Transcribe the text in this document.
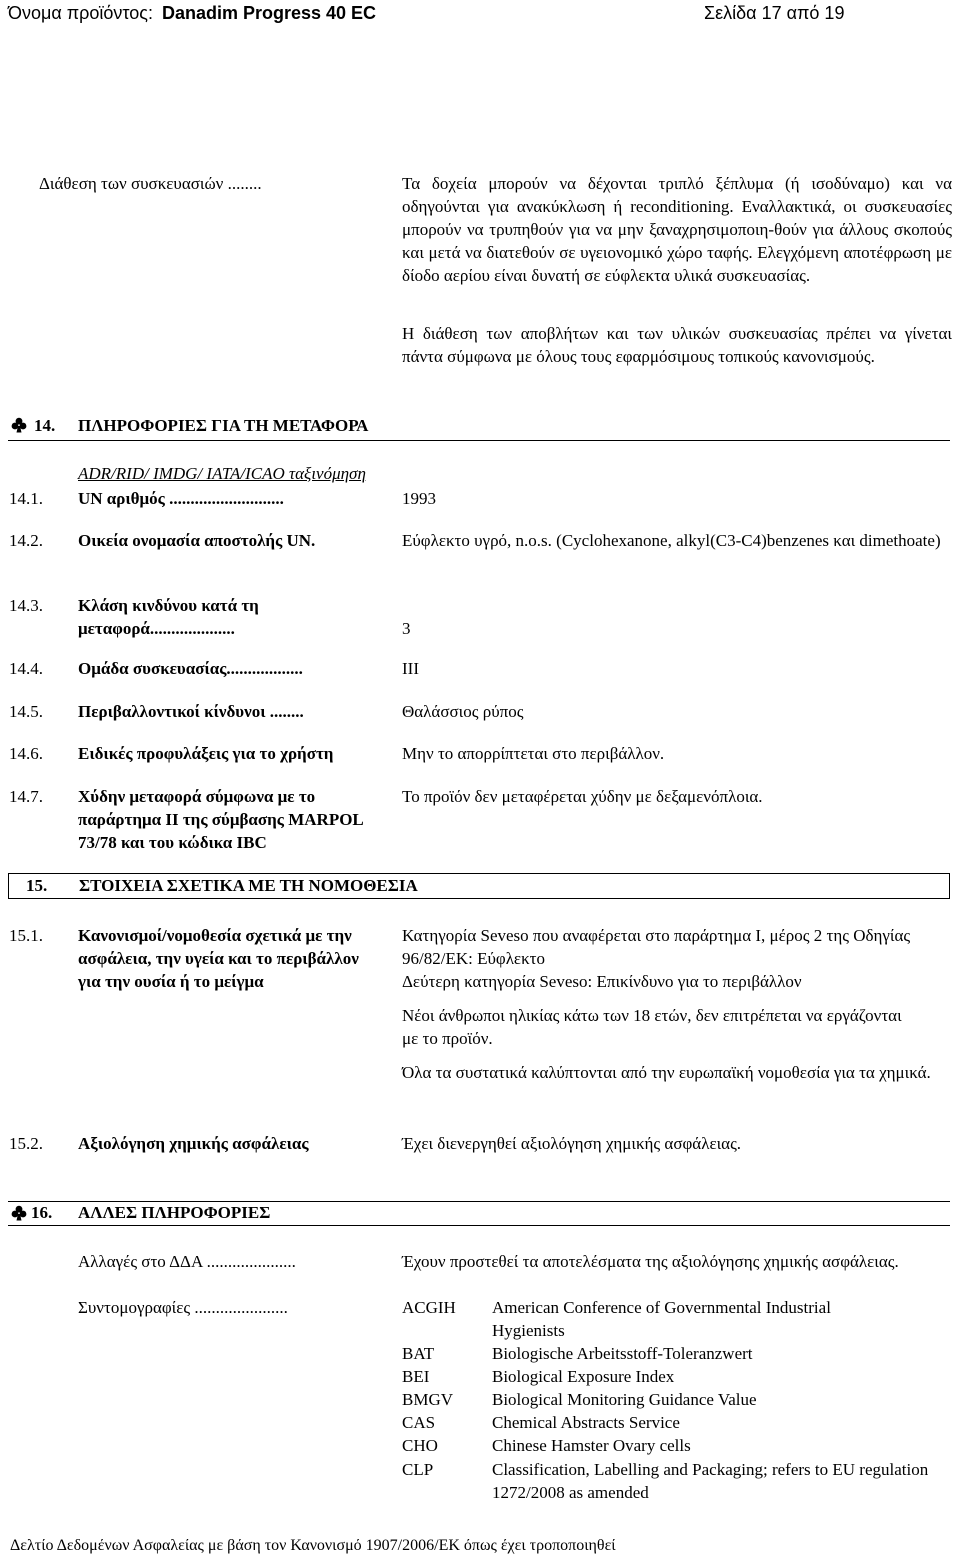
Όνομα προϊόντος: Danadim Progress 40 EC	Σελίδα 17 από 19
Διάθεση των συσκευασιών ........	Τα δοχεία μπορούν να δέχονται τριπλό ξέπλυμα (ή ισοδύναμο) και να οδηγούνται για ανακύκλωση ή reconditioning. Εναλλακτικά, οι συσκευασίες μπορούν να τρυπηθούν για να μην ξαναχρησιμοποιη-θούν για άλλους σκοπούς και μετά να διατεθούν σε υγειονομικό χώρο ταφής. Ελεγχόμενη αποτέφρωση με δίοδο αερίου είναι δυνατή σε εύφλεκτα υλικά συσκευασίας.
Η διάθεση των αποβλήτων και των υλικών συσκευασίας πρέπει να γίνεται πάντα σύμφωνα με όλους τους εφαρμόσιμους τοπικούς κανονισμούς.
14. ΠΛΗΡΟΦΟΡΙΕΣ ΓΙΑ ΤΗ ΜΕΤΑΦΟΡΑ
ADR/RID/ IMDG/ IATA/ICAO ταξινόμηση
14.1. UN αριθμός ...........................	1993
14.2. Οικεία ονομασία αποστολής UN.	Εύφλεκτο υγρό, n.o.s. (Cyclohexanone, alkyl(C3-C4)benzenes και dimethoate)
14.3. Κλάση κινδύνου κατά τη μεταφορά....................	3
14.4. Ομάδα συσκευασίας..................	III
14.5. Περιβαλλοντικοί κίνδυνοι ........	Θαλάσσιος ρύπος
14.6. Ειδικές προφυλάξεις για το χρήστη	Μην το απορρίπτεται στο περιβάλλον.
14.7. Χύδην μεταφορά σύμφωνα με το παράρτημα II της σύμβασης MARPOL 73/78 και του κώδικα IBC
Το προϊόν δεν μεταφέρεται χύδην με δεξαμενόπλοια.
15. ΣΤΟΙΧΕΙΑ ΣΧΕΤΙΚΑ ΜΕ ΤΗ ΝΟΜΟΘΕΣΙΑ
15.1. Κανονισμοί/νομοθεσία σχετικά με την ασφάλεια, την υγεία και το περιβάλλον για την ουσία ή το μείγμα
Κατηγορία Seveso που αναφέρεται στο παράρτημα I, μέρος 2 της Οδηγίας 96/82/ΕΚ: Εύφλεκτο
Δεύτερη κατηγορία Seveso: Επικίνδυνο για το περιβάλλον
Νέοι άνθρωποι ηλικίας κάτω των 18 ετών, δεν επιτρέπεται να εργάζονται με το προϊόν.
Όλα τα συστατικά καλύπτονται από την ευρωπαϊκή νομοθεσία για τα χημικά.
15.2. Αξιολόγηση χημικής ασφάλειας	Έχει διενεργηθεί αξιολόγηση χημικής ασφάλειας.
16. ΑΛΛΕΣ ΠΛΗΡΟΦΟΡΙΕΣ
Αλλαγές στο ΔΔΑ .....................	Έχουν προστεθεί τα αποτελέσματα της αξιολόγησης χημικής ασφάλειας.
Συντομογραφίες ......................	ACGIH American Conference of Governmental Industrial Hygienists
BAT	Biologische Arbeitsstoff-Toleranzwert
BEI	Biological Exposure Index
BMGV Biological Monitoring Guidance Value
CAS	Chemical Abstracts Service
CHO	Chinese Hamster Ovary cells
CLP	Classification, Labelling and Packaging; refers to EU regulation 1272/2008 as amended
Δελτίο Δεδομένων Ασφαλείας με βάση τον Κανονισμό 1907/2006/ΕΚ όπως έχει τροποποιηθεί
